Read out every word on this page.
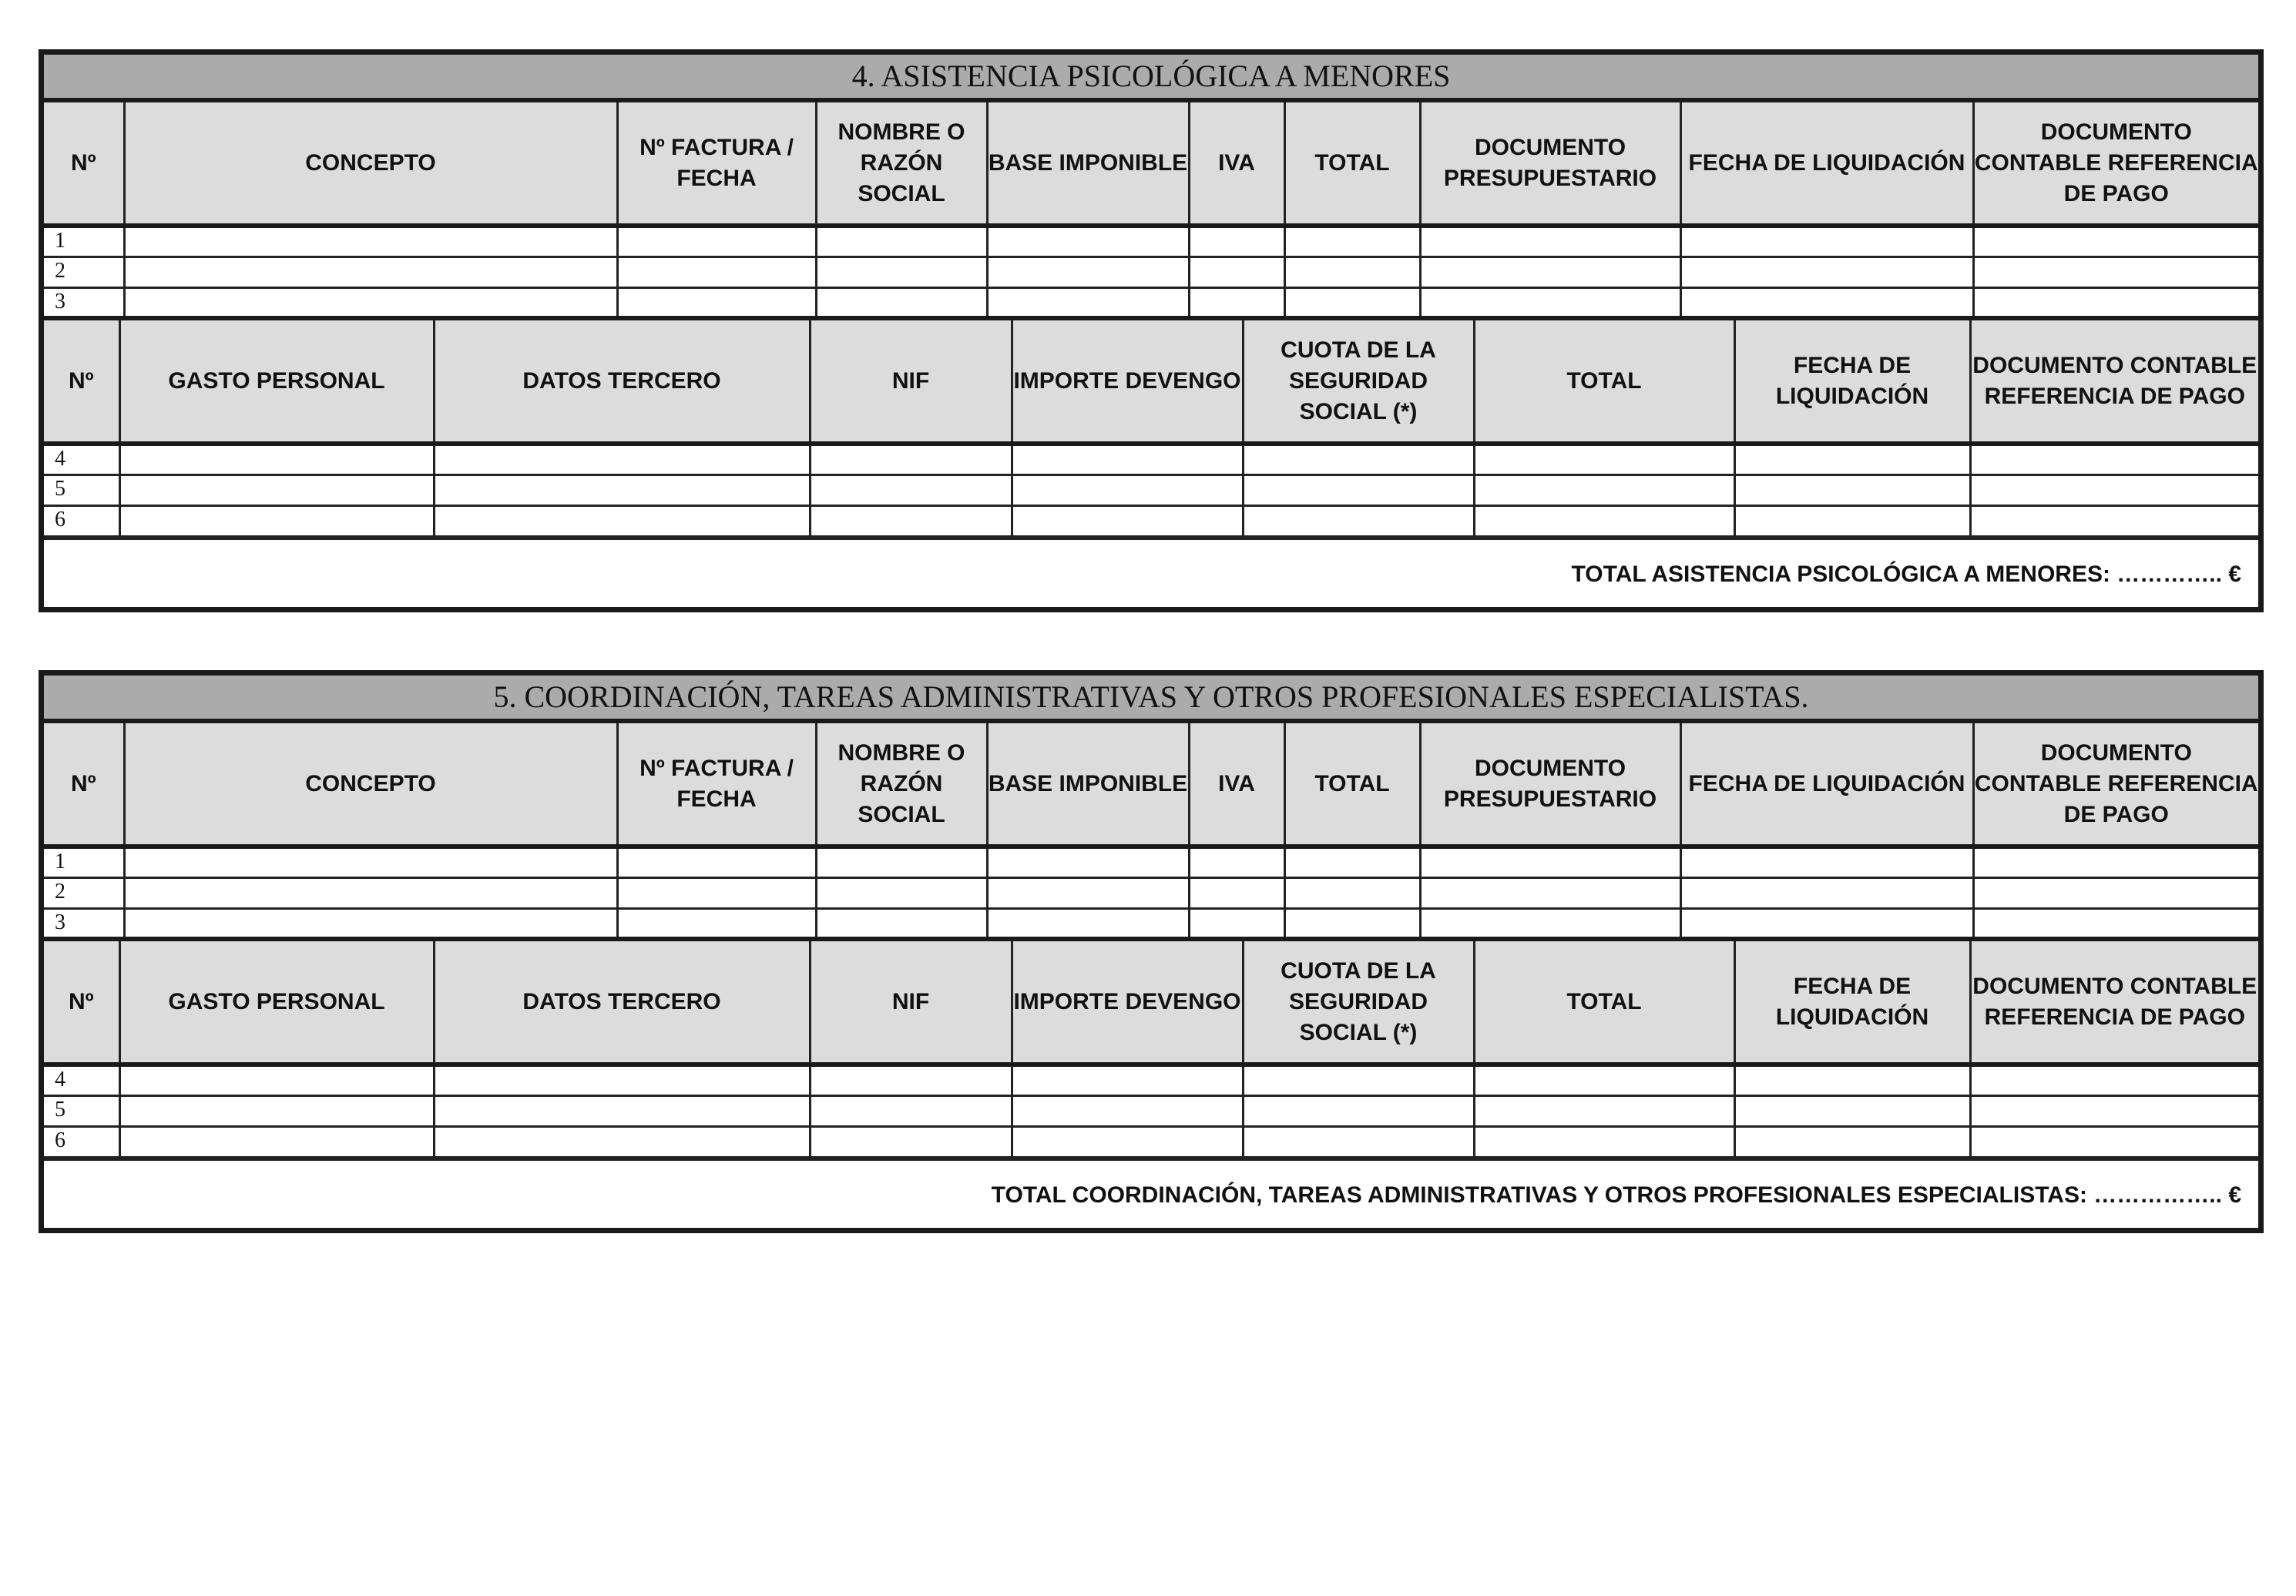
4. ASISTENCIA PSICOLÓGICA A MENORES
Nº	CONCEPTO	Nº FACTURA / FECHA	NOMBRE O RAZÓN SOCIAL	BASE IMPONIBLE	IVA	TOTAL	DOCUMENTO PRESUPUESTARIO	FECHA DE LIQUIDACIÓN	DOCUMENTO CONTABLE REFERENCIA DE PAGO
1									
2									
3									
Nº	GASTO PERSONAL	DATOS TERCERO	NIF	IMPORTE DEVENGO	CUOTA DE LA SEGURIDAD SOCIAL (*)	TOTAL	FECHA DE LIQUIDACIÓN	DOCUMENTO CONTABLE REFERENCIA DE PAGO
4								
5								
6								
TOTAL ASISTENCIA PSICOLÓGICA A MENORES: ………….. €
5. COORDINACIÓN, TAREAS ADMINISTRATIVAS Y OTROS PROFESIONALES ESPECIALISTAS.
Nº	CONCEPTO	Nº FACTURA / FECHA	NOMBRE O RAZÓN SOCIAL	BASE IMPONIBLE	IVA	TOTAL	DOCUMENTO PRESUPUESTARIO	FECHA DE LIQUIDACIÓN	DOCUMENTO CONTABLE REFERENCIA DE PAGO
1									
2									
3									
Nº	GASTO PERSONAL	DATOS TERCERO	NIF	IMPORTE DEVENGO	CUOTA DE LA SEGURIDAD SOCIAL (*)	TOTAL	FECHA DE LIQUIDACIÓN	DOCUMENTO CONTABLE REFERENCIA DE PAGO
4								
5								
6								
TOTAL COORDINACIÓN, TAREAS ADMINISTRATIVAS Y OTROS PROFESIONALES ESPECIALISTAS: …………….. €
